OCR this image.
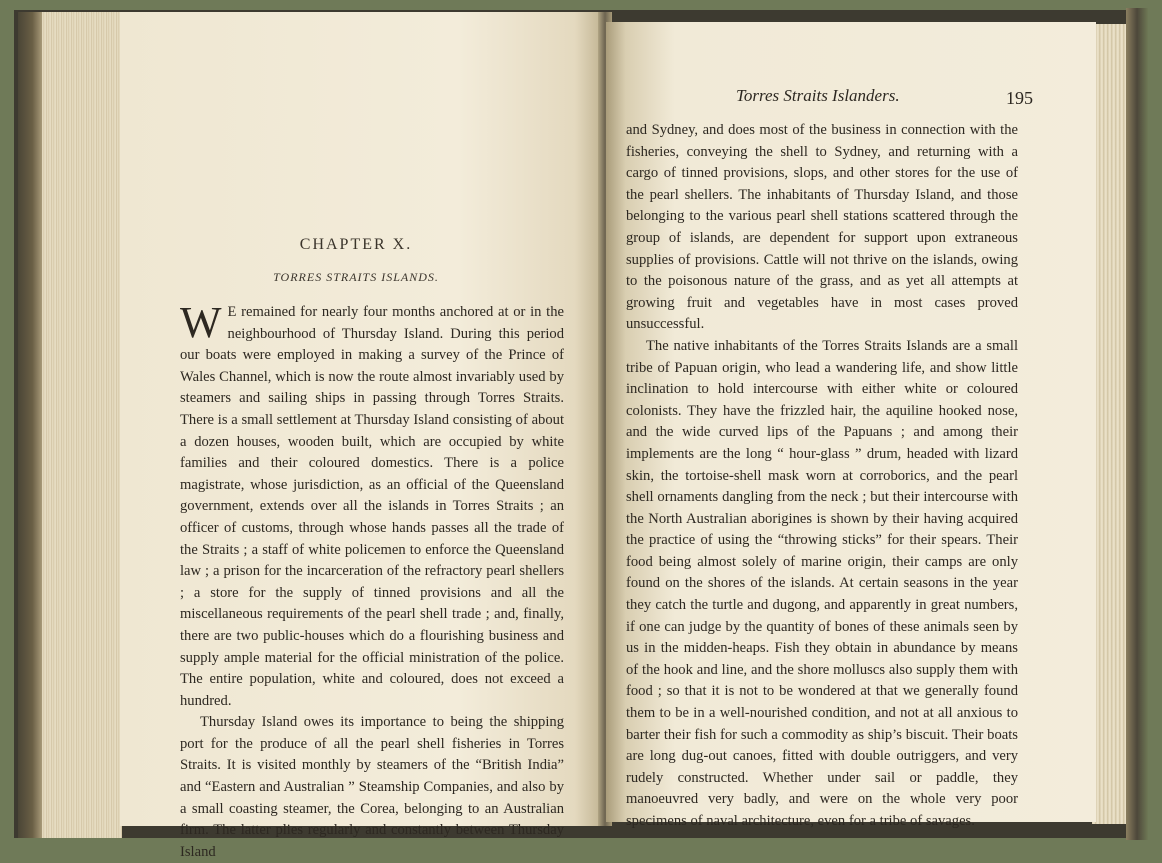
CHAPTER X.
TORRES STRAITS ISLANDS.

W E remained for nearly four months anchored at or in the neighbourhood of Thursday Island. During this period our boats were employed in making a survey of the Prince of Wales Channel, which is now the route almost invariably used by steamers and sailing ships in passing through Torres Straits. There is a small settlement at Thursday Island consisting of about a dozen houses, wooden built, which are occupied by white families and their coloured domestics. There is a police magistrate, whose jurisdiction, as an official of the Queensland government, extends over all the islands in Torres Straits ; an officer of customs, through whose hands passes all the trade of the Straits ; a staff of white policemen to enforce the Queensland law ; a prison for the incarceration of the refractory pearl shellers ; a store for the supply of tinned provisions and all the miscellaneous requirements of the pearl shell trade ; and, finally, there are two public-houses which do a flourishing business and supply ample material for the official ministration of the police. The entire population, white and coloured, does not exceed a hundred.

Thursday Island owes its importance to being the shipping port for the produce of all the pearl shell fisheries in Torres Straits. It is visited monthly by steamers of the “British India” and “Eastern and Australian ” Steamship Companies, and also by a small coasting steamer, the Corea, belonging to an Australian firm. The latter plies regularly and constantly between Thursday Island

Torres Straits Islanders.	195

and Sydney, and does most of the business in connection with the fisheries, conveying the shell to Sydney, and returning with a cargo of tinned provisions, slops, and other stores for the use of the pearl shellers. The inhabitants of Thursday Island, and those belonging to the various pearl shell stations scattered through the group of islands, are dependent for support upon extraneous supplies of provisions. Cattle will not thrive on the islands, owing to the poisonous nature of the grass, and as yet all attempts at growing fruit and vegetables have in most cases proved unsuccessful.

The native inhabitants of the Torres Straits Islands are a small tribe of Papuan origin, who lead a wandering life, and show little inclination to hold intercourse with either white or coloured colonists. They have the frizzled hair, the aquiline hooked nose, and the wide curved lips of the Papuans ; and among their implements are the long “ hour-glass ” drum, headed with lizard skin, the tortoise-shell mask worn at corroborics, and the pearl shell ornaments dangling from the neck ; but their intercourse with the North Australian aborigines is shown by their having acquired the practice of using the “throwing sticks” for their spears. Their food being almost solely of marine origin, their camps are only found on the shores of the islands. At certain seasons in the year they catch the turtle and dugong, and apparently in great numbers, if one can judge by the quantity of bones of these animals seen by us in the midden-heaps. Fish they obtain in abundance by means of the hook and line, and the shore molluscs also supply them with food ; so that it is not to be wondered at that we generally found them to be in a well-nourished condition, and not at all anxious to barter their fish for such a commodity as ship’s biscuit. Their boats are long dug-out canoes, fitted with double outriggers, and very rudely constructed. Whether under sail or paddle, they manoeuvred very badly, and were on the whole very poor specimens of naval architecture, even for a tribe of savages.
